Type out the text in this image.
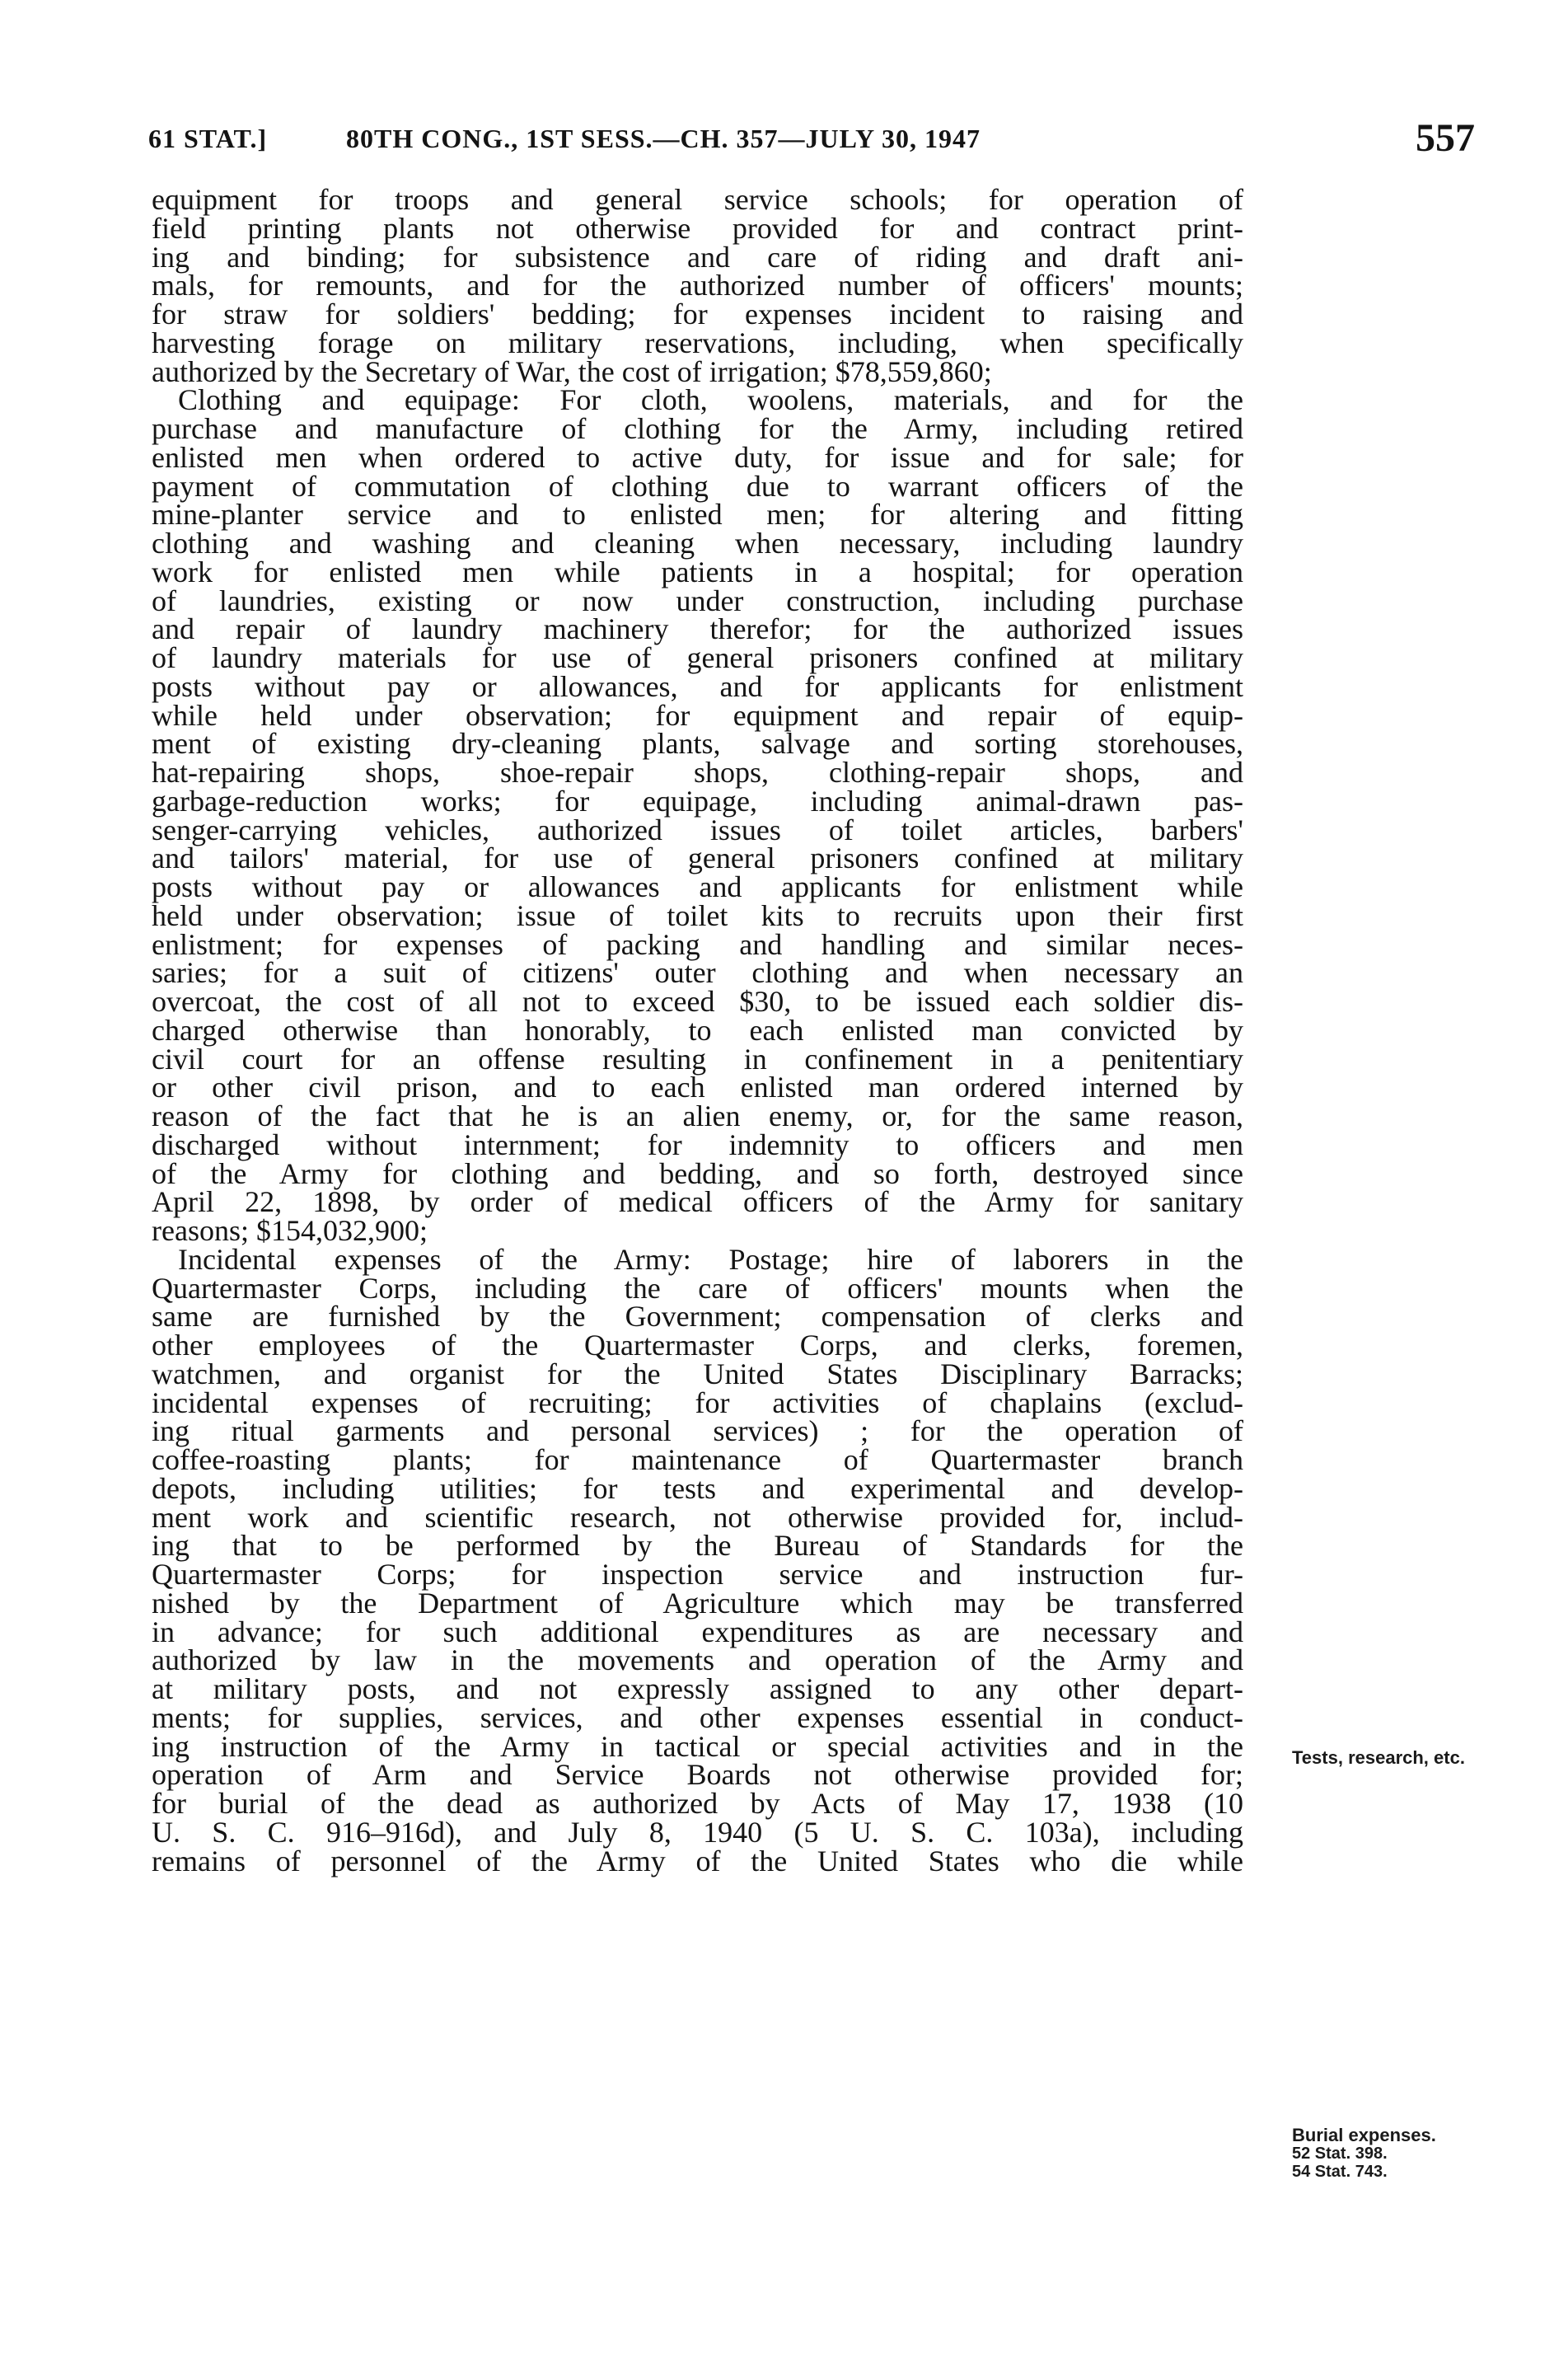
61 STAT.]	80TH CONG., 1ST SESS.—CH. 357—JULY 30, 1947	557
equipment for troops and general service schools; for operation of
field printing plants not otherwise provided for and contract print-
ing and binding; for subsistence and care of riding and draft ani-
mals, for remounts, and for the authorized number of officers' mounts;
for straw for soldiers' bedding; for expenses incident to raising and
harvesting forage on military reservations, including, when specifically
authorized by the Secretary of War, the cost of irrigation; $78,559,860;
Clothing and equipage: For cloth, woolens, materials, and for the
purchase and manufacture of clothing for the Army, including retired
enlisted men when ordered to active duty, for issue and for sale; for
payment of commutation of clothing due to warrant officers of the
mine-planter service and to enlisted men; for altering and fitting
clothing and washing and cleaning when necessary, including laundry
work for enlisted men while patients in a hospital; for operation
of laundries, existing or now under construction, including purchase
and repair of laundry machinery therefor; for the authorized issues
of laundry materials for use of general prisoners confined at military
posts without pay or allowances, and for applicants for enlistment
while held under observation; for equipment and repair of equip-
ment of existing dry-cleaning plants, salvage and sorting storehouses,
hat-repairing shops, shoe-repair shops, clothing-repair shops, and
garbage-reduction works; for equipage, including animal-drawn pas-
senger-carrying vehicles, authorized issues of toilet articles, barbers'
and tailors' material, for use of general prisoners confined at military
posts without pay or allowances and applicants for enlistment while
held under observation; issue of toilet kits to recruits upon their first
enlistment; for expenses of packing and handling and similar neces-
saries; for a suit of citizens' outer clothing and when necessary an
overcoat, the cost of all not to exceed $30, to be issued each soldier dis-
charged otherwise than honorably, to each enlisted man convicted by
civil court for an offense resulting in confinement in a penitentiary
or other civil prison, and to each enlisted man ordered interned by
reason of the fact that he is an alien enemy, or, for the same reason,
discharged without internment; for indemnity to officers and men
of the Army for clothing and bedding, and so forth, destroyed since
April 22, 1898, by order of medical officers of the Army for sanitary
reasons; $154,032,900;
Incidental expenses of the Army: Postage; hire of laborers in the
Quartermaster Corps, including the care of officers' mounts when the
same are furnished by the Government; compensation of clerks and
other employees of the Quartermaster Corps, and clerks, foremen,
watchmen, and organist for the United States Disciplinary Barracks;
incidental expenses of recruiting; for activities of chaplains (exclud-
ing ritual garments and personal services) ; for the operation of
coffee-roasting plants; for maintenance of Quartermaster branch
depots, including utilities; for tests and experimental and develop-
ment work and scientific research, not otherwise provided for, includ-
ing that to be performed by the Bureau of Standards for the
Quartermaster Corps; for inspection service and instruction fur-
nished by the Department of Agriculture which may be transferred
in advance; for such additional expenditures as are necessary and
authorized by law in the movements and operation of the Army and
at military posts, and not expressly assigned to any other depart-
ments; for supplies, services, and other expenses essential in conduct-
ing instruction of the Army in tactical or special activities and in the
operation of Arm and Service Boards not otherwise provided for;
for burial of the dead as authorized by Acts of May 17, 1938 (10
U. S. C. 916–916d), and July 8, 1940 (5 U. S. C. 103a), including
remains of personnel of the Army of the United States who die while
Tests, research, etc.
Burial expenses.
52 Stat. 398.
54 Stat. 743.
